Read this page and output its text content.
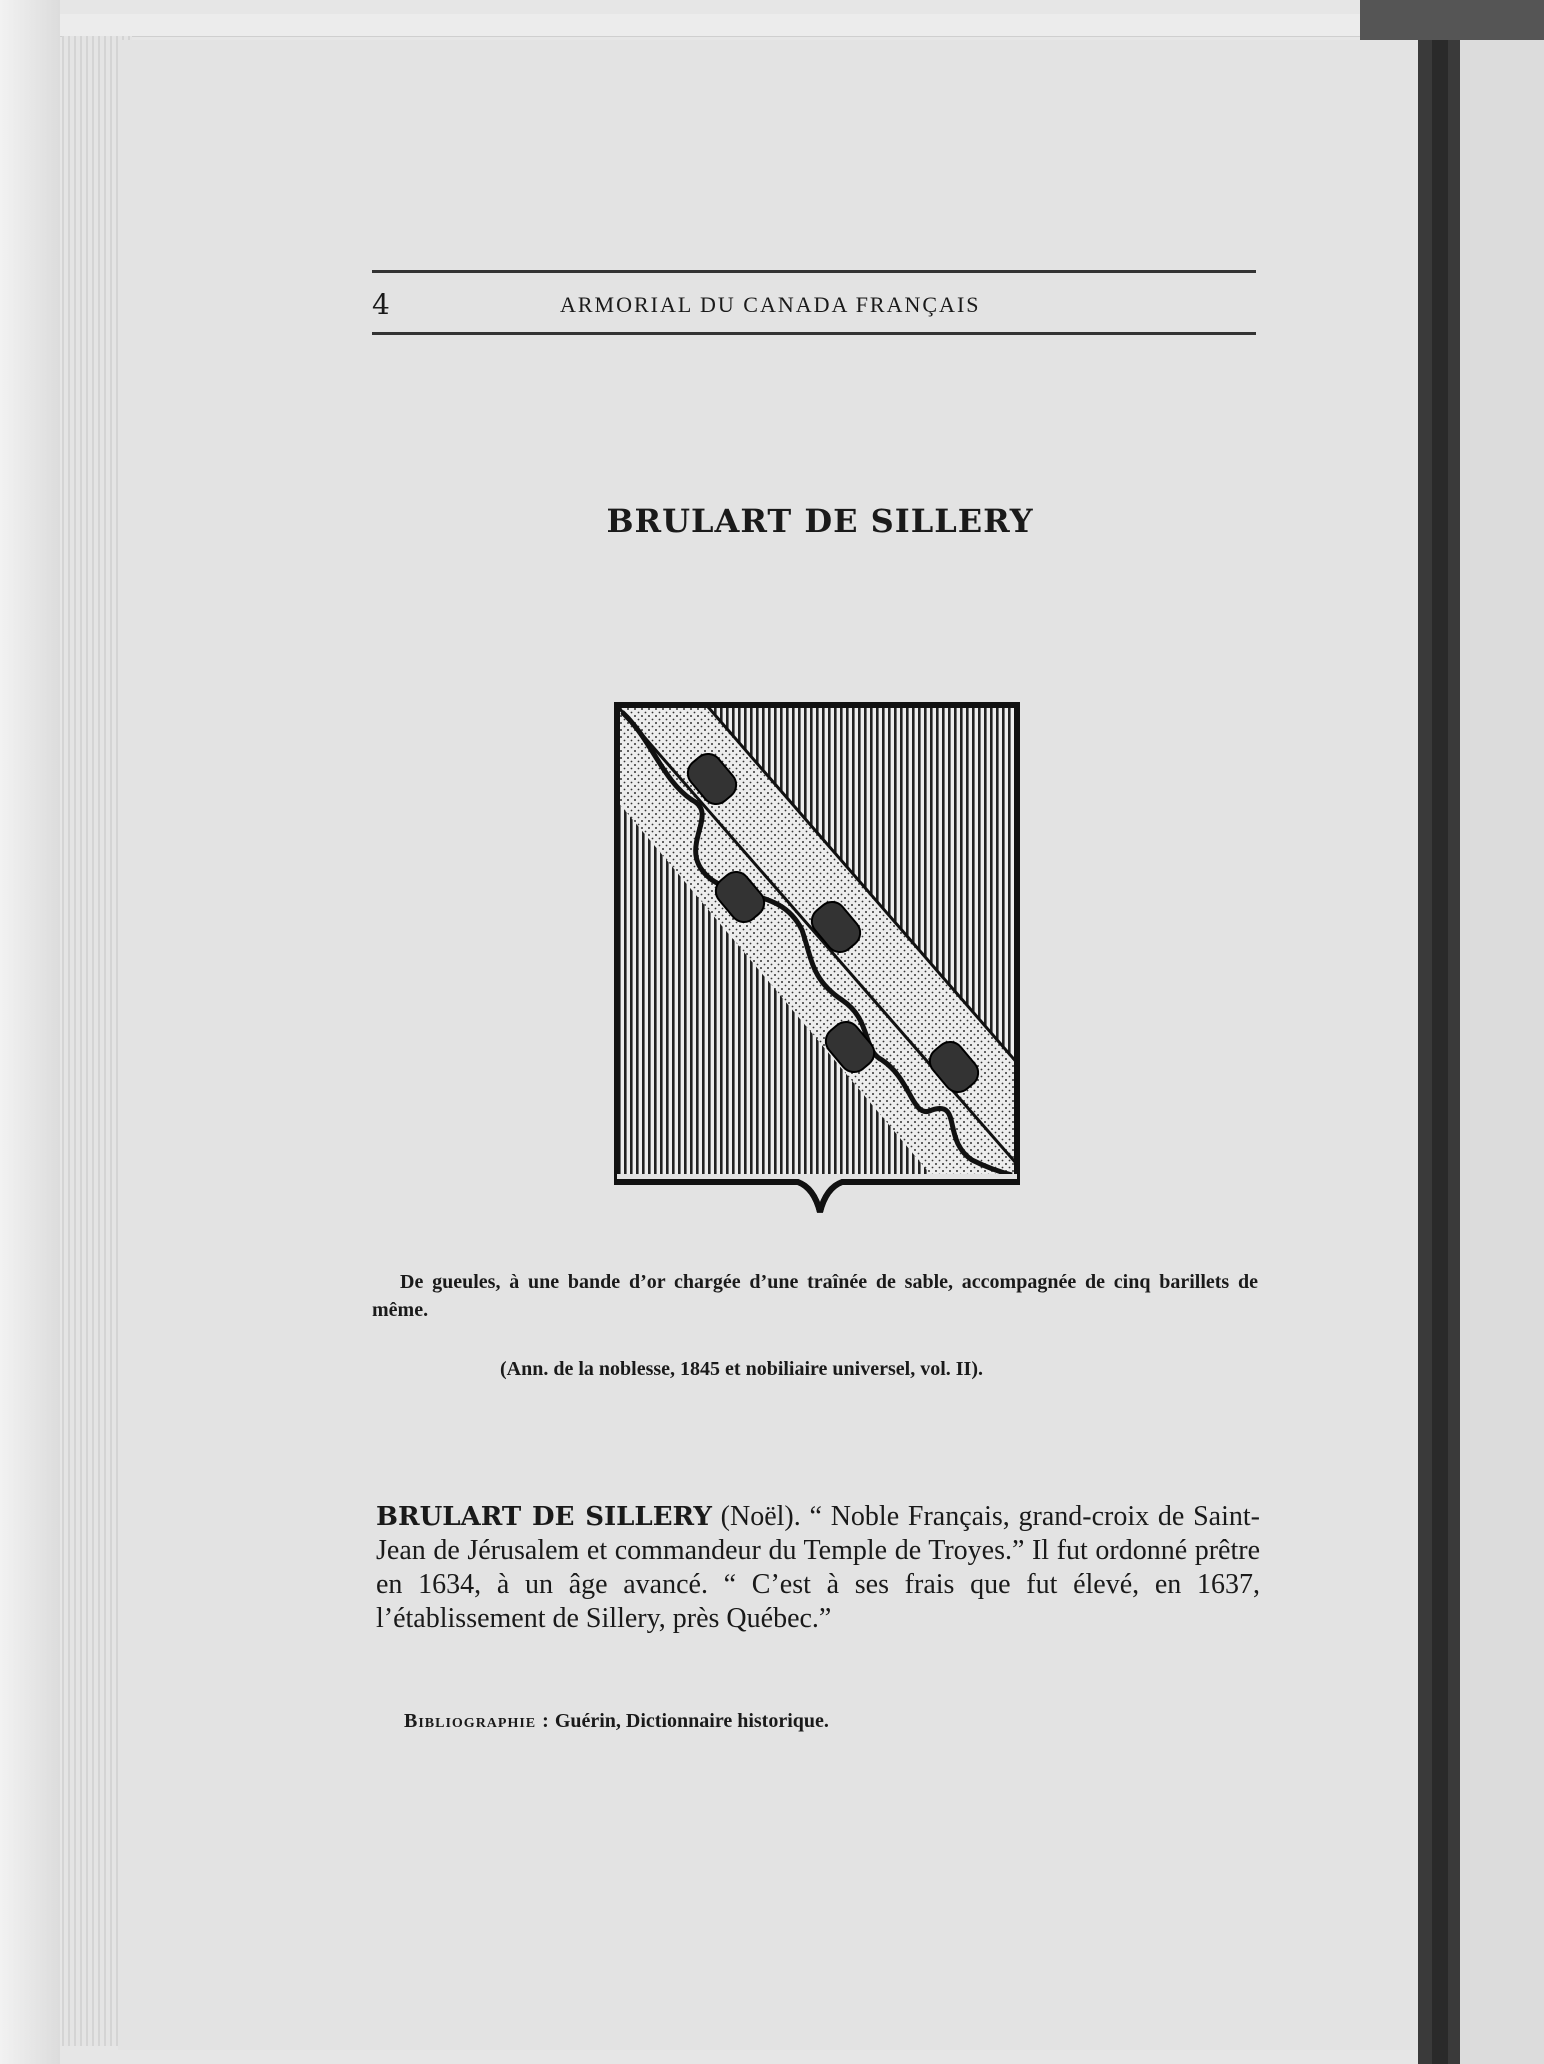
4	ARMORIAL DU CANADA FRANÇAIS
BRULART DE SILLERY
De gueules, à une bande d’or chargée d’une traînée de sable, accompagnée de cinq barillets de même.
(Ann. de la noblesse, 1845 et nobiliaire universel, vol. II).
BRULART DE SILLERY (Noël). “ Noble Français, grand-croix de Saint-Jean de Jérusalem et commandeur du Temple de Troyes.” Il fut ordonné prêtre en 1634, à un âge avancé. “ C’est à ses frais que fut élevé, en 1637, l’établissement de Sillery, près Québec.”
Bibliographie : Guérin, Dictionnaire historique.
